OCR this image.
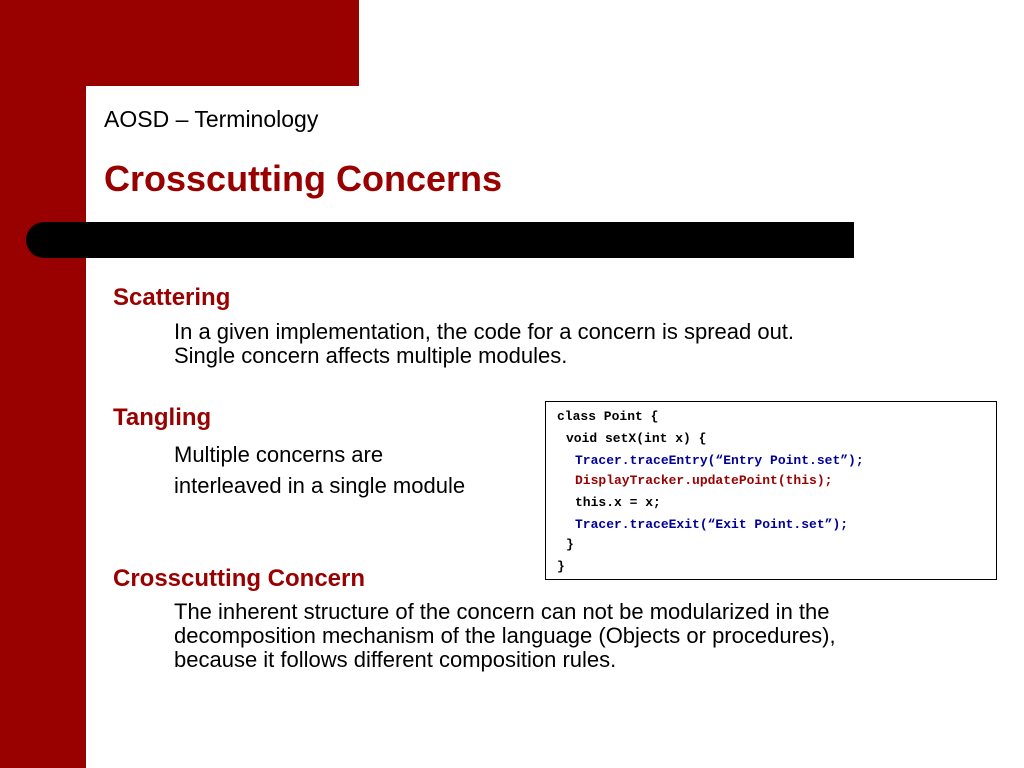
AOSD – Terminology
Crosscutting Concerns
Scattering

In a given implementation, the code for a concern is spread out.
Single concern affects multiple modules.

Tangling

Multiple concerns are
interleaved in a single module

Crosscutting Concern

The inherent structure of the concern can not be modularized in the
decomposition mechanism of the language (Objects or procedures),
because it follows different composition rules.

class Point {
void setX(int x) {
Tracer.traceEntry(“Entry Point.set”);
DisplayTracker.updatePoint(this);
this.x = x;
Tracer.traceExit(“Exit Point.set”);
}
}
